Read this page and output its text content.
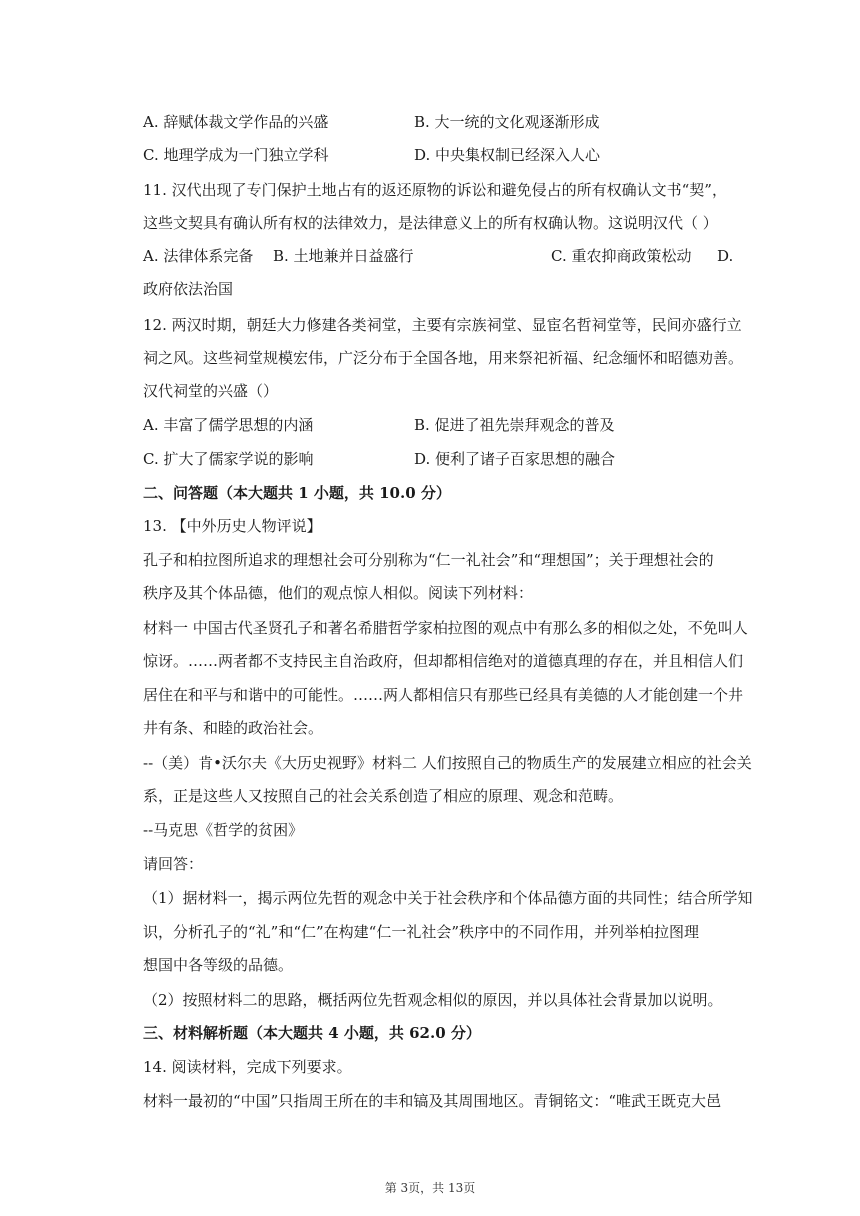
A. 辞赋体裁文学作品的兴盛	B. 大一统的文化观逐渐形成
C. 地理学成为一门独立学科	D. 中央集权制已经深入人心
11. 汉代出现了专门保护土地占有的返还原物的诉讼和避免侵占的所有权确认文书“契”，
这些文契具有确认所有权的法律效力，是法律意义上的所有权确认物。这说明汉代（ ）
A. 法律体系完备 B. 土地兼并日益盛行	C. 重农抑商政策松动 D.
政府依法治国
12. 两汉时期，朝廷大力修建各类祠堂，主要有宗族祠堂、显宦名哲祠堂等，民间亦盛行立
祠之风。这些祠堂规模宏伟，广泛分布于全国各地，用来祭祀祈福、纪念缅怀和昭德劝善。
汉代祠堂的兴盛（）
A. 丰富了儒学思想的内涵	B. 促进了祖先崇拜观念的普及
C. 扩大了儒家学说的影响	D. 便利了诸子百家思想的融合
二、问答题（本大题共 1 小题，共 10.0 分）
13. 【中外历史人物评说】
孔子和柏拉图所追求的理想社会可分别称为“仁一礼社会”和“理想国”；关于理想社会的
秩序及其个体品德，他们的观点惊人相似。阅读下列材料：
材料一 中国古代圣贤孔子和著名希腊哲学家柏拉图的观点中有那么多的相似之处，不免叫人
惊讶。……两者都不支持民主自治政府，但却都相信绝对的道德真理的存在，并且相信人们
居住在和平与和谐中的可能性。……两人都相信只有那些已经具有美德的人才能创建一个井
井有条、和睦的政治社会。
--（美）肯•沃尔夫《大历史视野》材料二 人们按照自己的物质生产的发展建立相应的社会关
系，正是这些人又按照自己的社会关系创造了相应的原理、观念和范畴。
--马克思《哲学的贫困》
请回答：
（1）据材料一，揭示两位先哲的观念中关于社会秩序和个体品德方面的共同性；结合所学知
识，分析孔子的“礼”和“仁”在构建“仁一礼社会”秩序中的不同作用，并列举柏拉图理
想国中各等级的品德。
（2）按照材料二的思路，概括两位先哲观念相似的原因，并以具体社会背景加以说明。
三、材料解析题（本大题共 4 小题，共 62.0 分）
14. 阅读材料，完成下列要求。
材料一最初的“中国”只指周王所在的丰和镐及其周围地区。青铜铭文：“唯武王既克大邑
第 3页，共 13页
